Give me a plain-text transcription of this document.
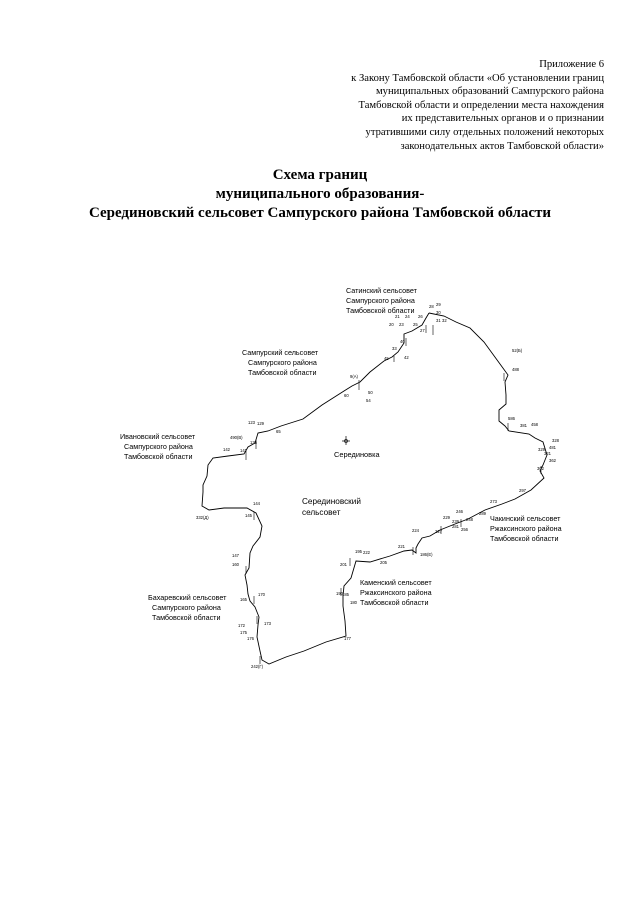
Приложение 6
к Закону Тамбовской области «Об установлении границ
муниципальных образований Сампурского района
Тамбовской области и определении места нахождения
их представительных органов и о признании
утратившими силу отдельных положений некоторых
законодательных актов Тамбовской области»
Схема границ
муниципального образования-
Серединовский сельсовет Сампурского района Тамбовской области
Сатинский сельсовет
Сампурского района
Тамбовской области
Сампурский сельсовет
Сампурского района
Тамбовской области
Ивановский сельсовет
Сампурского района
Тамбовской области
Чакинский сельсовет
Ржаксинского района
Тамбовской области
Каменский сельсовет
Ржаксинского района
Тамбовской области
Бахаревский сельсовет
Сампурского района
Тамбовской области
Серединовский
сельсовет
Серединовка
52(Б)
9(А)
490(В)
332(Д)
242(Г)
186(Е)
20
21
23
24
25
26
27
28 29
30
31 32
33
40
42
45
50
54
60
65
123 129
135
141
142
144
145
147
160
165
170
172	173
175
176	177
180
185
190
195
201	205
221
222
224	227
229
239
246
248
256
273
281
289
297
302
321
328
329
362
381 458
481
488
586
